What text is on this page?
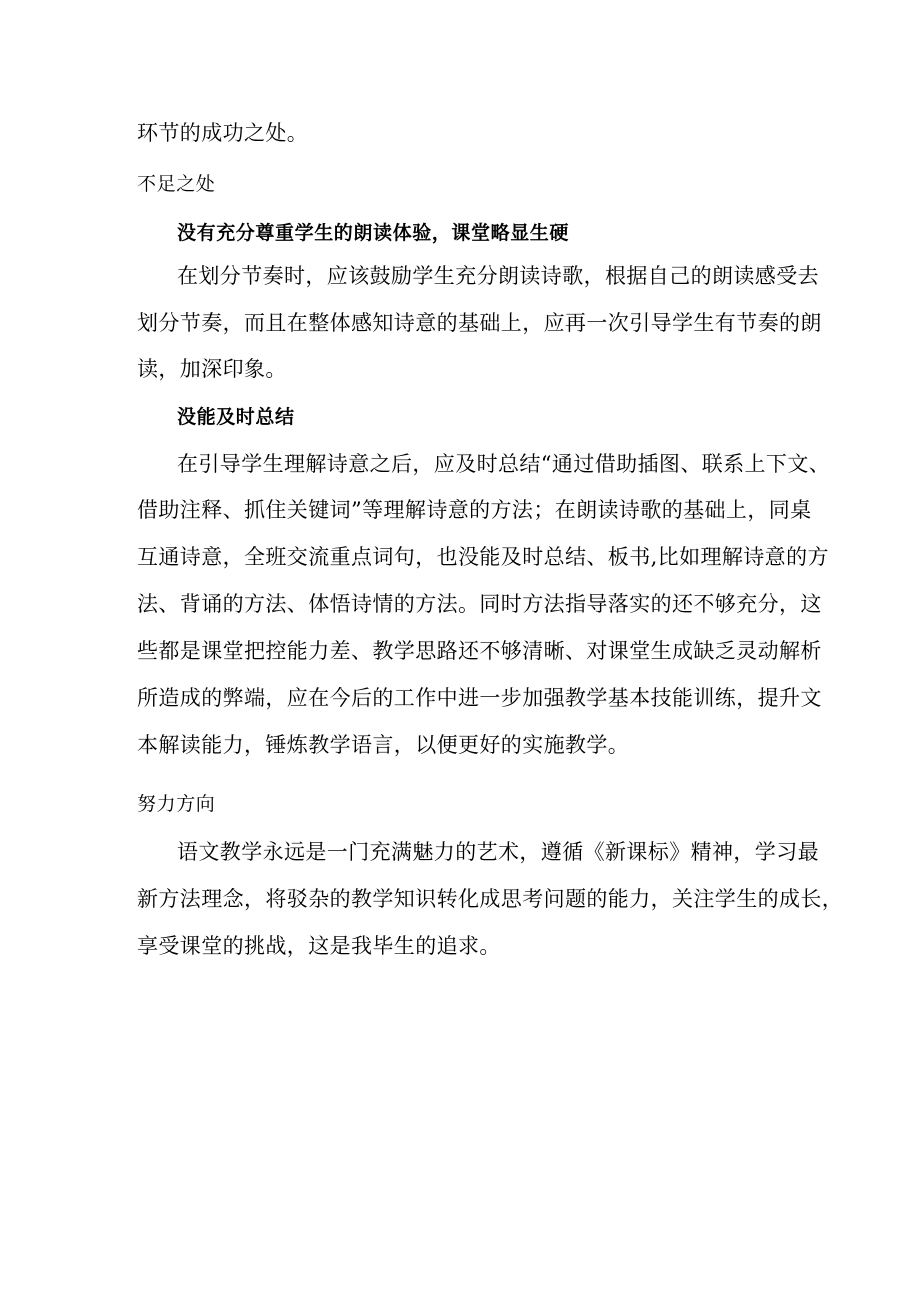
环节的成功之处。
不足之处
没有充分尊重学生的朗读体验，课堂略显生硬
在划分节奏时，应该鼓励学生充分朗读诗歌，根据自己的朗读感受去
划分节奏，而且在整体感知诗意的基础上，应再一次引导学生有节奏的朗
读，加深印象。
没能及时总结
在引导学生理解诗意之后，应及时总结“通过借助插图、联系上下文、
借助注释、抓住关键词”等理解诗意的方法；在朗读诗歌的基础上，同桌
互通诗意，全班交流重点词句，也没能及时总结、板书,比如理解诗意的方
法、背诵的方法、体悟诗情的方法。同时方法指导落实的还不够充分，这
些都是课堂把控能力差、教学思路还不够清晰、对课堂生成缺乏灵动解析
所造成的弊端，应在今后的工作中进一步加强教学基本技能训练，提升文
本解读能力，锤炼教学语言，以便更好的实施教学。
努力方向
语文教学永远是一门充满魅力的艺术，遵循《新课标》精神，学习最
新方法理念，将驳杂的教学知识转化成思考问题的能力，关注学生的成长，
享受课堂的挑战，这是我毕生的追求。
